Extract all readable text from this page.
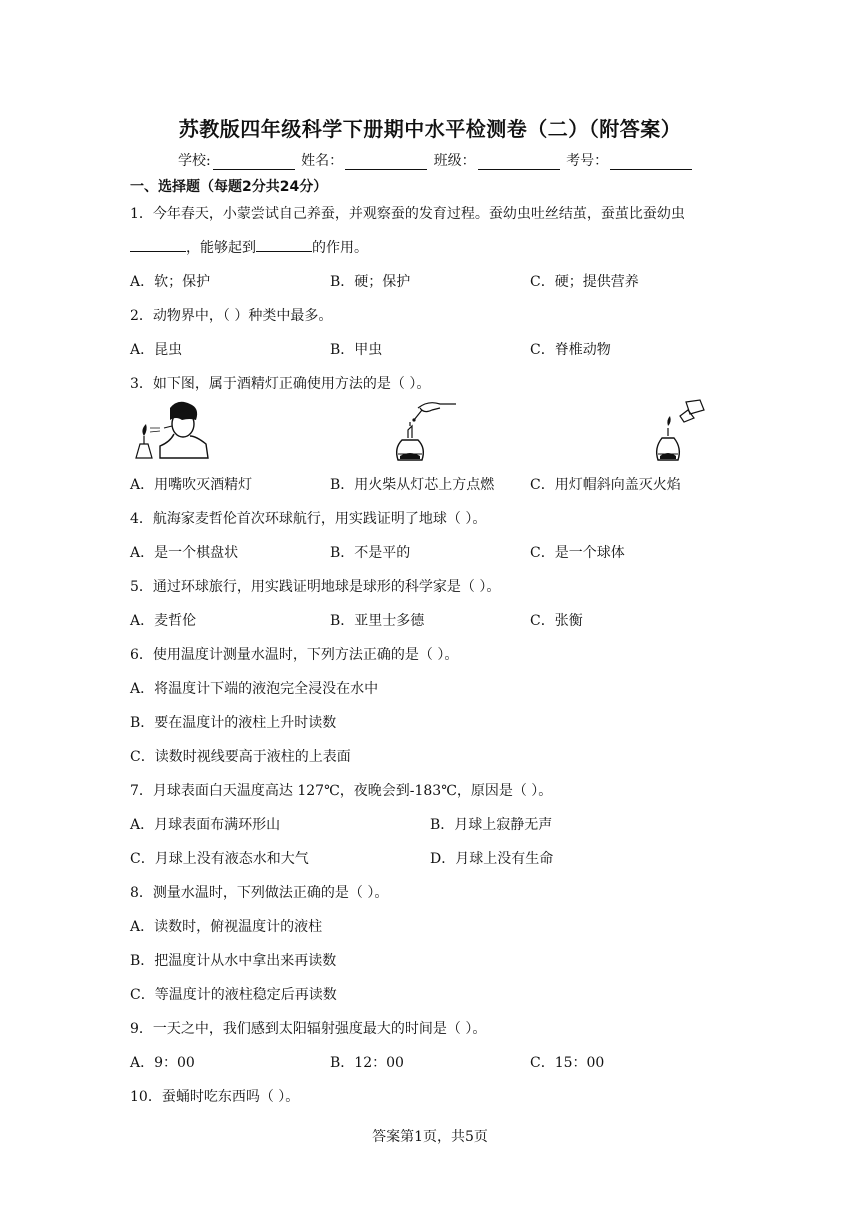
苏教版四年级科学下册期中水平检测卷（二）（附答案）
学校:	姓名：	班级：	考号：
一、选择题（每题2分共24分）
1．今年春天，小蒙尝试自己养蚕，并观察蚕的发育过程。蚕幼虫吐丝结茧，蚕茧比蚕幼虫
，能够起到	的作用。
A．软；保护	B．硬；保护	C．硬；提供营养
2．动物界中，（ ）种类中最多。
A．昆虫	B．甲虫	C．脊椎动物
3．如下图，属于酒精灯正确使用方法的是（ ）。
A．用嘴吹灭酒精灯	B．用火柴从灯芯上方点燃	C．用灯帽斜向盖灭火焰
4．航海家麦哲伦首次环球航行，用实践证明了地球（ ）。
A．是一个棋盘状	B．不是平的	C．是一个球体
5．通过环球旅行，用实践证明地球是球形的科学家是（ ）。
A．麦哲伦	B．亚里士多德	C．张衡
6．使用温度计测量水温时，下列方法正确的是（ ）。
A．将温度计下端的液泡完全浸没在水中
B．要在温度计的液柱上升时读数
C．读数时视线要高于液柱的上表面
7．月球表面白天温度高达 127℃，夜晚会到-183℃，原因是（ ）。
A．月球表面布满环形山	B．月球上寂静无声
C．月球上没有液态水和大气	D．月球上没有生命
8．测量水温时，下列做法正确的是（ ）。
A．读数时，俯视温度计的液柱
B．把温度计从水中拿出来再读数
C．等温度计的液柱稳定后再读数
9．一天之中，我们感到太阳辐射强度最大的时间是（ ）。
A．9：00	B．12：00	C．15：00
10．蚕蛹时吃东西吗（ ）。
答案第1页，共5页
